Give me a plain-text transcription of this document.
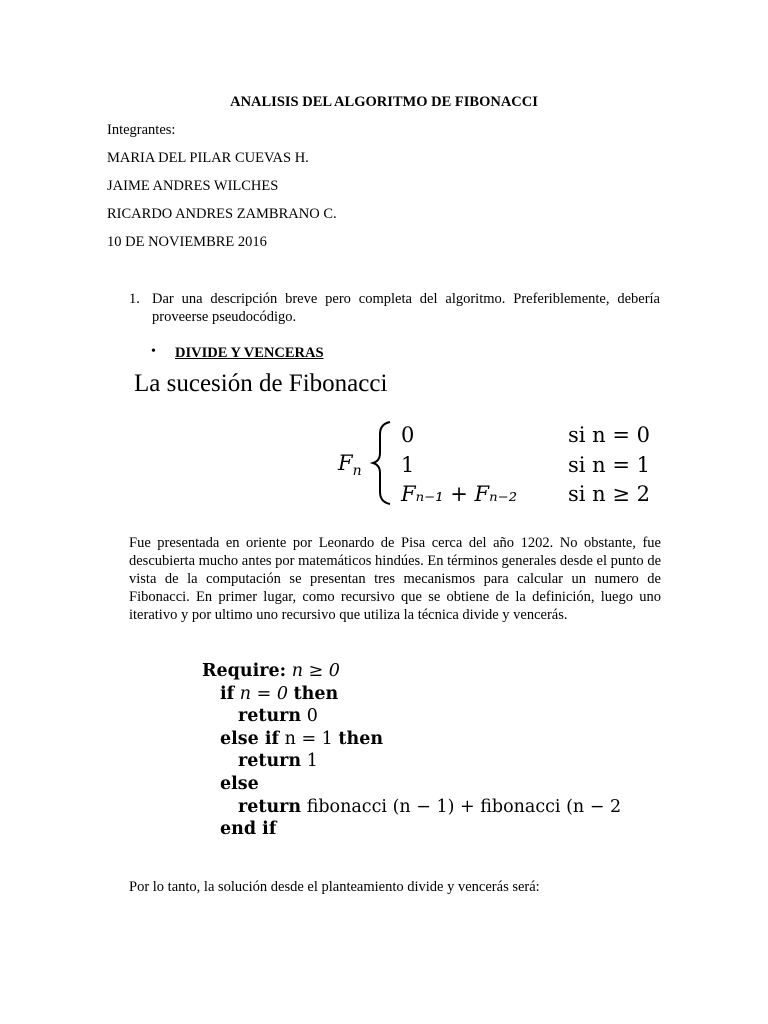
ANALISIS DEL ALGORITMO DE FIBONACCI
Integrantes:
MARIA DEL PILAR CUEVAS H.
JAIME ANDRES WILCHES
RICARDO ANDRES ZAMBRANO C.
10 DE NOVIEMBRE 2016
1. Dar una descripción breve pero completa del algoritmo. Preferiblemente, debería proveerse pseudocódigo.
• DIVIDE Y VENCERAS
La sucesión de Fibonacci
$F_n$
0	si n = 0
1	si n = 1
Fₙ₋₁ + Fₙ₋₂ si n ≥ 2
Fue presentada en oriente por Leonardo de Pisa cerca del año 1202. No obstante, fue descubierta mucho antes por matemáticos hindúes. En términos generales desde el punto de vista de la computación se presentan tres mecanismos para calcular un numero de Fibonacci. En primer lugar, como recursivo que se obtiene de la definición, luego uno iterativo y por ultimo uno recursivo que utiliza la técnica divide y vencerás.
Require: n ≥ 0
if n = 0 then
return 0
else if n = 1 then
return 1
else
return fibonacci (n − 1) + fibonacci (n − 2
end if
Por lo tanto, la solución desde el planteamiento divide y vencerás será:
